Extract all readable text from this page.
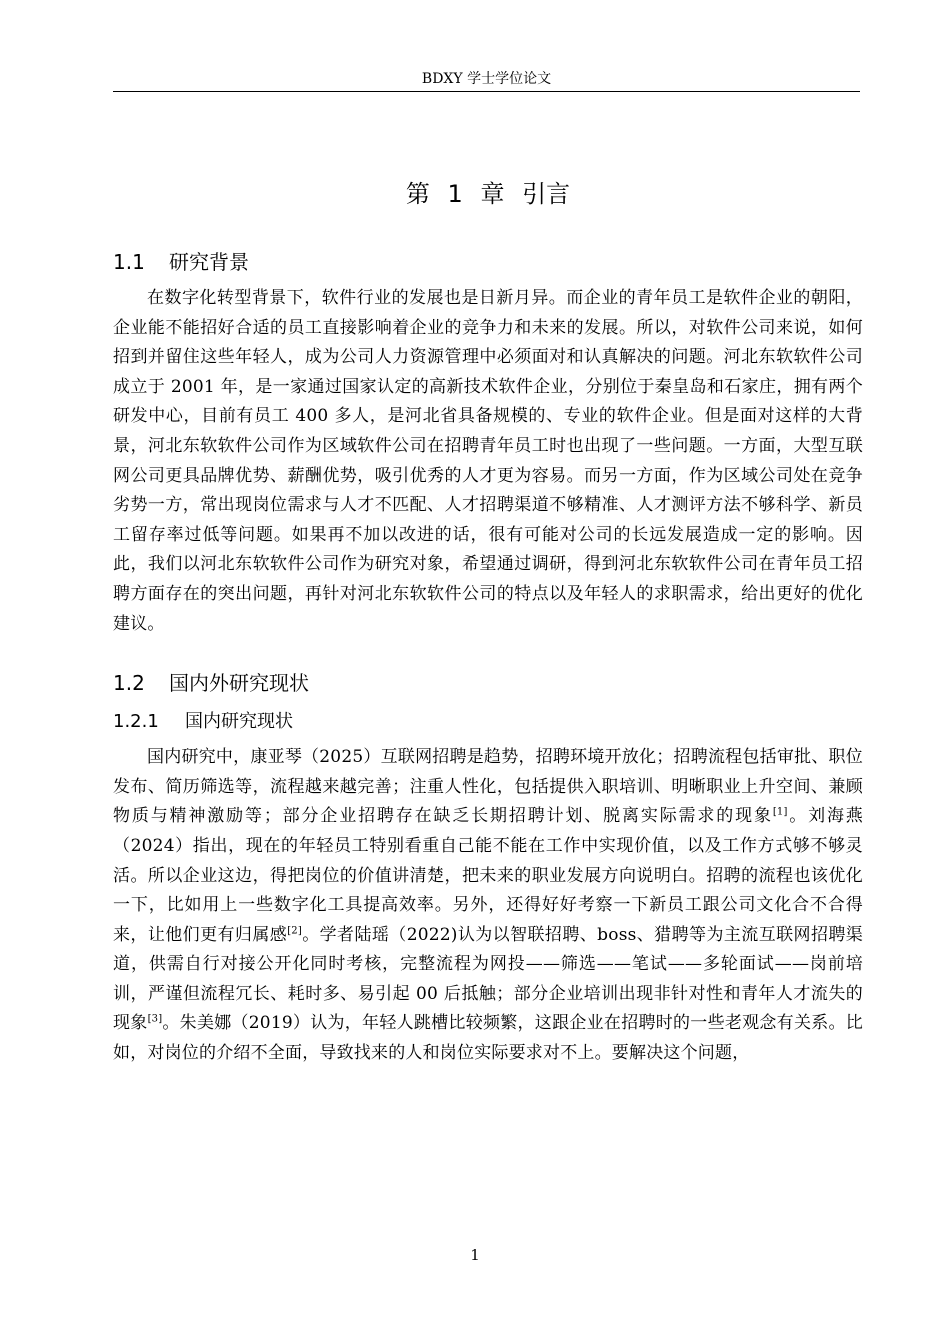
BDXY 学士学位论文
第 1 章 引言
1.1 研究背景

在数字化转型背景下，软件行业的发展也是日新月异。而企业的青年员工是软件企业的朝阳，企业能不能招好合适的员工直接影响着企业的竞争力和未来的发展。所以，对软件公司来说，如何招到并留住这些年轻人，成为公司人力资源管理中必须面对和认真解决的问题。河北东软软件公司成立于 2001 年，是一家通过国家认定的高新技术软件企业，分别位于秦皇岛和石家庄，拥有两个研发中心，目前有员工 400 多人，是河北省具备规模的、专业的软件企业。但是面对这样的大背景，河北东软软件公司作为区域软件公司在招聘青年员工时也出现了一些问题。一方面，大型互联网公司更具品牌优势、薪酬优势，吸引优秀的人才更为容易。而另一方面，作为区域公司处在竞争劣势一方，常出现岗位需求与人才不匹配、人才招聘渠道不够精准、人才测评方法不够科学、新员工留存率过低等问题。如果再不加以改进的话，很有可能对公司的长远发展造成一定的影响。因此，我们以河北东软软件公司作为研究对象，希望通过调研，得到河北东软软件公司在青年员工招聘方面存在的突出问题，再针对河北东软软件公司的特点以及年轻人的求职需求，给出更好的优化建议。

1.2 国内外研究现状
1.2.1 国内研究现状

国内研究中，康亚琴（2025）互联网招聘是趋势，招聘环境开放化；招聘流程包括审批、职位发布、简历筛选等，流程越来越完善；注重人性化，包括提供入职培训、明晰职业上升空间、兼顾物质与精神激励等；部分企业招聘存在缺乏长期招聘计划、脱离实际需求的现象[1]。刘海燕（2024）指出，现在的年轻员工特别看重自己能不能在工作中实现价值，以及工作方式够不够灵活。所以企业这边，得把岗位的价值讲清楚，把未来的职业发展方向说明白。招聘的流程也该优化一下，比如用上一些数字化工具提高效率。另外，还得好好考察一下新员工跟公司文化合不合得来，让他们更有归属感[2]。学者陆瑶（2022)认为以智联招聘、boss、猎聘等为主流互联网招聘渠道，供需自行对接公开化同时考核，完整流程为网投——筛选——笔试——多轮面试——岗前培训，严谨但流程冗长、耗时多、易引起 00 后抵触；部分企业培训出现非针对性和青年人才流失的现象[3]。朱美娜（2019）认为，年轻人跳槽比较频繁，这跟企业在招聘时的一些老观念有关系。比如，对岗位的介绍不全面，导致找来的人和岗位实际要求对不上。要解决这个问题，

1
